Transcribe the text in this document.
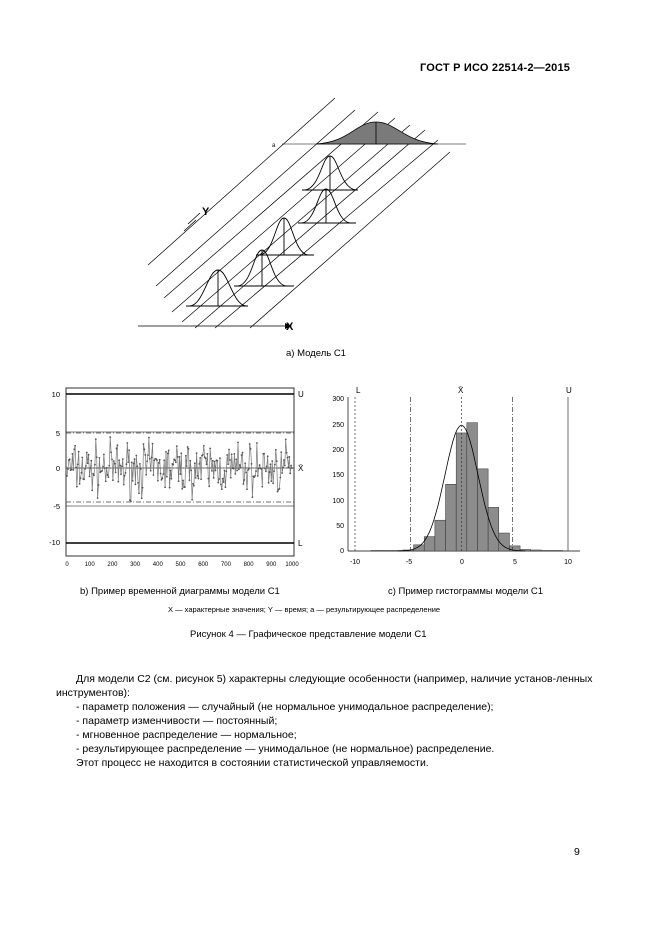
ГОСТ Р ИСО 22514-2—2015
Y
X
а
а) Модель С1
10
5
0
-5
-10
U
X̄
L
0	100 200 300 400 500 600 700 800 900 1000
b) Пример временной диаграммы модели С1
L	X̄	U
300
250
200
150
100
50
0
-10	-5	0	5	10
с) Пример гистограммы модели С1
X — характерные значения; Y — время; а — результирующее распределение
Рисунок 4 — Графическое представление модели С1

Для модели С2 (см. рисунок 5) характерны следующие особенности (например, наличие установ-ленных инструментов):

- параметр положения — случайный (не нормальное унимодальное распределение);

- параметр изменчивости — постоянный;

- мгновенное распределение — нормальное;

- результирующее распределение — унимодальное (не нормальное) распределение.

Этот процесс не находится в состоянии статистической управляемости.

9
